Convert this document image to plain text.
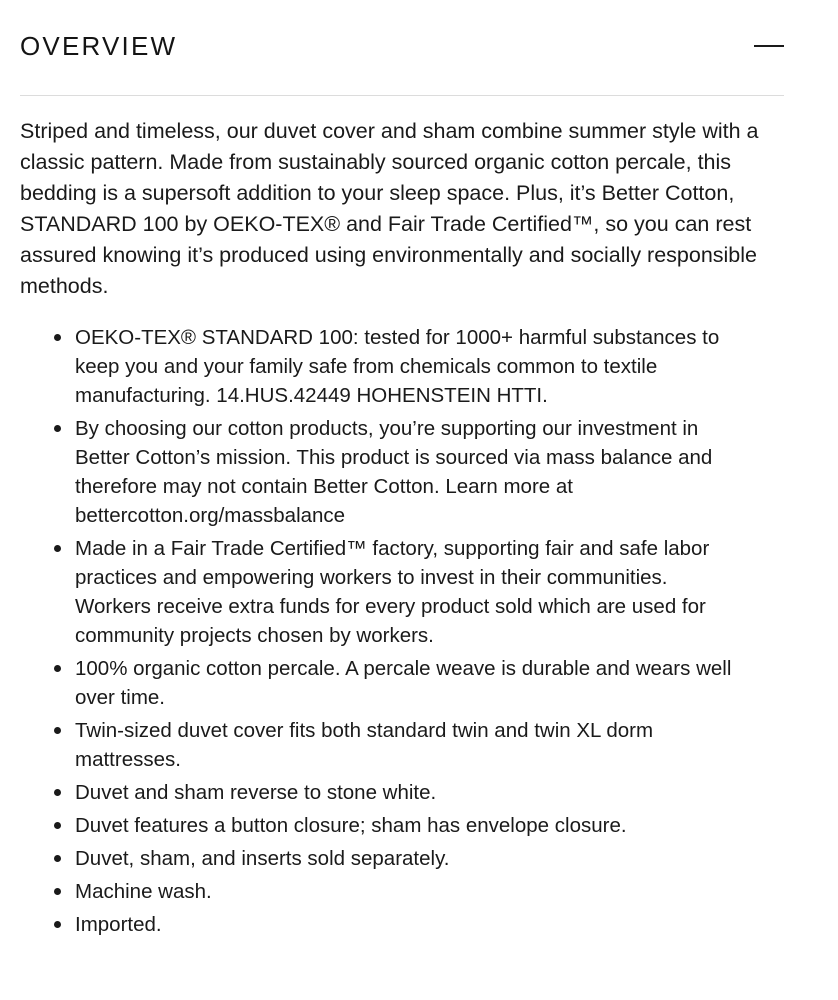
OVERVIEW

Striped and timeless, our duvet cover and sham combine summer style with a classic pattern. Made from sustainably sourced organic cotton percale, this bedding is a supersoft addition to your sleep space. Plus, it’s Better Cotton, STANDARD 100 by OEKO-TEX® and Fair Trade Certified™, so you can rest assured knowing it’s produced using environmentally and socially responsible methods.

OEKO-TEX® STANDARD 100: tested for 1000+ harmful substances to keep you and your family safe from chemicals common to textile manufacturing. 14.HUS.42449 HOHENSTEIN HTTI.
By choosing our cotton products, you’re supporting our investment in Better Cotton’s mission. This product is sourced via mass balance and therefore may not contain Better Cotton. Learn more at bettercotton.org/massbalance
Made in a Fair Trade Certified™ factory, supporting fair and safe labor practices and empowering workers to invest in their communities. Workers receive extra funds for every product sold which are used for community projects chosen by workers.
100% organic cotton percale. A percale weave is durable and wears well over time.
Twin-sized duvet cover fits both standard twin and twin XL dorm mattresses.
Duvet and sham reverse to stone white.
Duvet features a button closure; sham has envelope closure.
Duvet, sham, and inserts sold separately.
Machine wash.
Imported.
